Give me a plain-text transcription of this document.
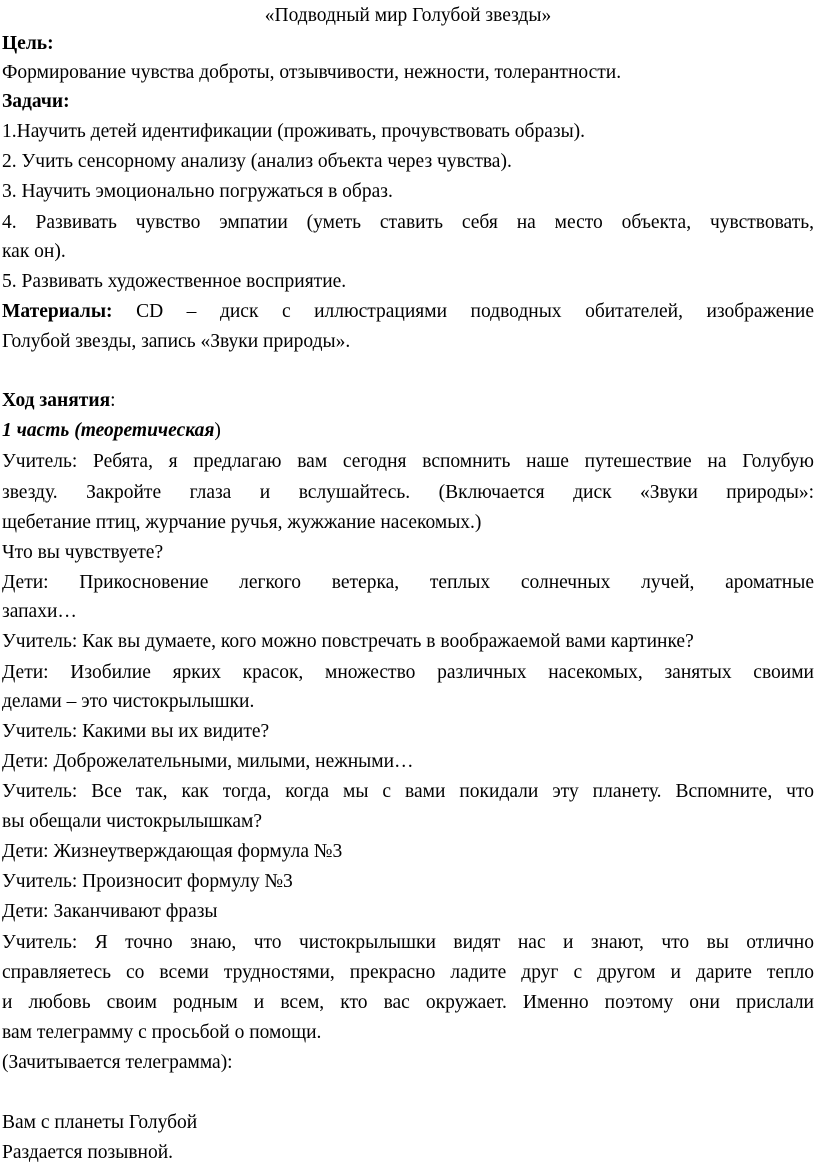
«Подводный мир Голубой звезды»
Цель:
Формирование чувства доброты, отзывчивости, нежности, толерантности.
Задачи:
1.Научить детей идентификации (проживать, прочувствовать образы).
2. Учить сенсорному анализу (анализ объекта через чувства).
3. Научить эмоционально погружаться в образ.
4. Развивать чувство эмпатии (уметь ставить себя на место объекта, чувствовать,
как он).
5. Развивать художественное восприятие.
Материалы: CD – диск с иллюстрациями подводных обитателей, изображение
Голубой звезды, запись «Звуки природы».
Ход занятия:
1 часть (теоретическая)
Учитель: Ребята, я предлагаю вам сегодня вспомнить наше путешествие на Голубую
звезду. Закройте глаза и вслушайтесь. (Включается диск «Звуки природы»:
щебетание птиц, журчание ручья, жужжание насекомых.)
Что вы чувствуете?
Дети: Прикосновение легкого ветерка, теплых солнечных лучей, ароматные
запахи…
Учитель: Как вы думаете, кого можно повстречать в воображаемой вами картинке?
Дети: Изобилие ярких красок, множество различных насекомых, занятых своими
делами – это чистокрылышки.
Учитель: Какими вы их видите?
Дети: Доброжелательными, милыми, нежными…
Учитель: Все так, как тогда, когда мы с вами покидали эту планету. Вспомните, что
вы обещали чистокрылышкам?
Дети: Жизнеутверждающая формула №3
Учитель: Произносит формулу №3
Дети: Заканчивают фразы
Учитель: Я точно знаю, что чистокрылышки видят нас и знают, что вы отлично
справляетесь со всеми трудностями, прекрасно ладите друг с другом и дарите тепло
и любовь своим родным и всем, кто вас окружает. Именно поэтому они прислали
вам телеграмму с просьбой о помощи.
(Зачитывается телеграмма):
Вам с планеты Голубой
Раздается позывной.
